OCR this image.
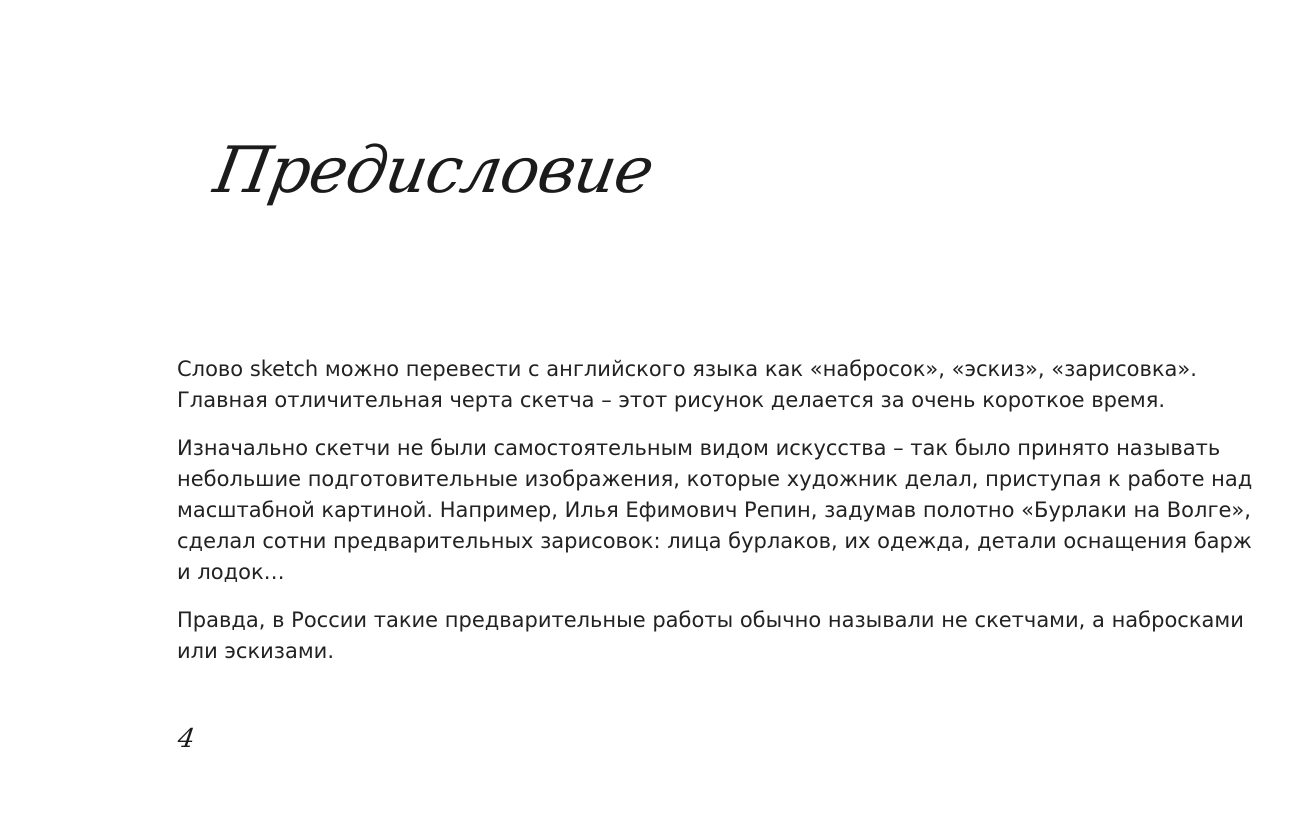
Предисловие

Слово sketch можно перевести с английского языка как «набросок», «эскиз», «зарисовка».
Главная отличительная черта скетча – этот рисунок делается за очень короткое время.

Изначально скетчи не были самостоятельным видом искусства – так было принято называть
небольшие подготовительные изображения, которые художник делал, приступая к работе над
масштабной картиной. Например, Илья Ефимович Репин, задумав полотно «Бурлаки на Волге»,
сделал сотни предварительных зарисовок: лица бурлаков, их одежда, детали оснащения барж
и лодок…

Правда, в России такие предварительные работы обычно называли не скетчами, а набросками
или эскизами.

4
